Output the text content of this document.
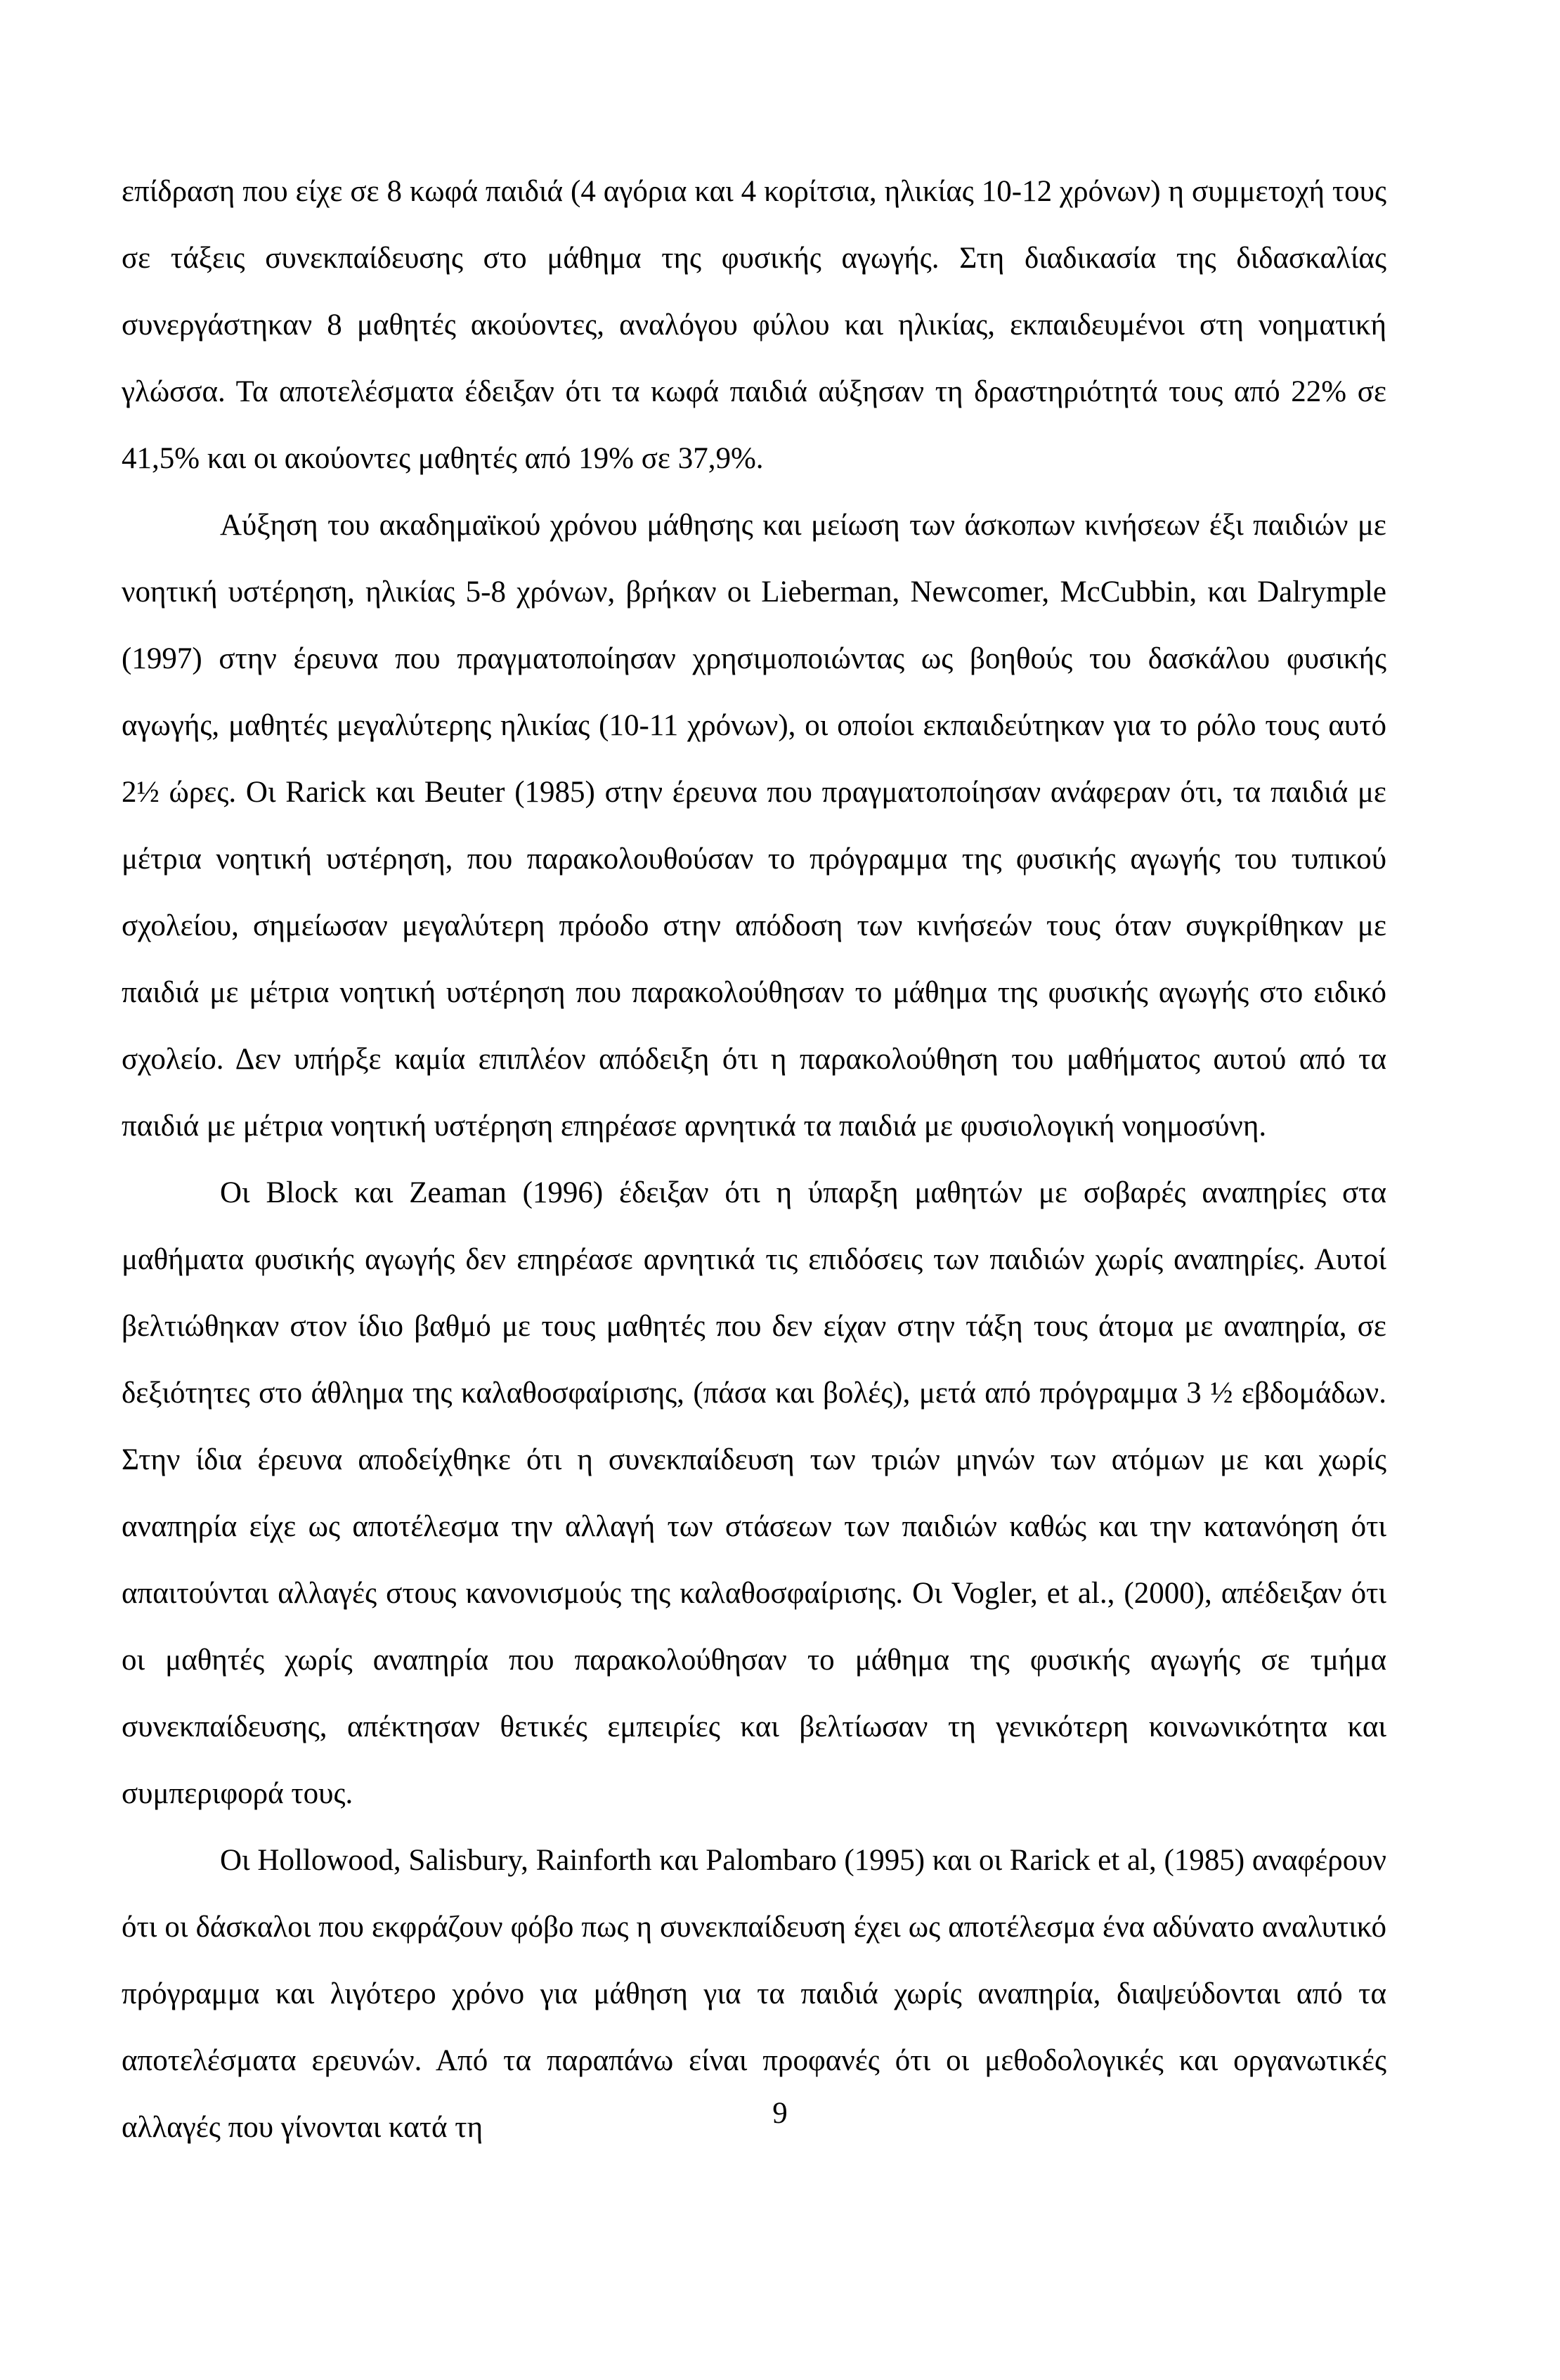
επίδραση που είχε σε 8 κωφά παιδιά (4 αγόρια και 4 κορίτσια, ηλικίας 10-12 χρόνων) η συμμετοχή τους σε τάξεις συνεκπαίδευσης στο μάθημα της φυσικής αγωγής. Στη διαδικασία της διδασκαλίας συνεργάστηκαν 8 μαθητές ακούοντες, αναλόγου φύλου και ηλικίας, εκπαιδευμένοι στη νοηματική γλώσσα. Τα αποτελέσματα έδειξαν ότι τα κωφά παιδιά αύξησαν τη δραστηριότητά τους από 22% σε 41,5% και οι ακούοντες μαθητές από 19% σε 37,9%.

Αύξηση του ακαδημαϊκού χρόνου μάθησης και μείωση των άσκοπων κινήσεων έξι παιδιών με νοητική υστέρηση, ηλικίας 5-8 χρόνων, βρήκαν οι Lieberman, Newcomer, McCubbin, και Dalrymple (1997) στην έρευνα που πραγματοποίησαν χρησιμοποιώντας ως βοηθούς του δασκάλου φυσικής αγωγής, μαθητές μεγαλύτερης ηλικίας (10-11 χρόνων), οι οποίοι εκπαιδεύτηκαν για το ρόλο τους αυτό 2½ ώρες. Οι Rarick και Beuter (1985) στην έρευνα που πραγματοποίησαν ανάφεραν ότι, τα παιδιά με μέτρια νοητική υστέρηση, που παρακολουθούσαν το πρόγραμμα της φυσικής αγωγής του τυπικού σχολείου, σημείωσαν μεγαλύτερη πρόοδο στην απόδοση των κινήσεών τους όταν συγκρίθηκαν με παιδιά με μέτρια νοητική υστέρηση που παρακολούθησαν το μάθημα της φυσικής αγωγής στο ειδικό σχολείο. Δεν υπήρξε καμία επιπλέον απόδειξη ότι η παρακολούθηση του μαθήματος αυτού από τα παιδιά με μέτρια νοητική υστέρηση επηρέασε αρνητικά τα παιδιά με φυσιολογική νοημοσύνη.

Οι Block και Zeaman (1996) έδειξαν ότι η ύπαρξη μαθητών με σοβαρές αναπηρίες στα μαθήματα φυσικής αγωγής δεν επηρέασε αρνητικά τις επιδόσεις των παιδιών χωρίς αναπηρίες. Αυτοί βελτιώθηκαν στον ίδιο βαθμό με τους μαθητές που δεν είχαν στην τάξη τους άτομα με αναπηρία, σε δεξιότητες στο άθλημα της καλαθοσφαίρισης, (πάσα και βολές), μετά από πρόγραμμα 3 ½ εβδομάδων. Στην ίδια έρευνα αποδείχθηκε ότι η συνεκπαίδευση των τριών μηνών των ατόμων με και χωρίς αναπηρία είχε ως αποτέλεσμα την αλλαγή των στάσεων των παιδιών καθώς και την κατανόηση ότι απαιτούνται αλλαγές στους κανονισμούς της καλαθοσφαίρισης. Οι Vogler, et al., (2000), απέδειξαν ότι οι μαθητές χωρίς αναπηρία που παρακολούθησαν το μάθημα της φυσικής αγωγής σε τμήμα συνεκπαίδευσης, απέκτησαν θετικές εμπειρίες και βελτίωσαν τη γενικότερη κοινωνικότητα και συμπεριφορά τους.

Οι Hollowood, Salisbury, Rainforth και Palombaro (1995) και οι Rarick et al, (1985) αναφέρουν ότι οι δάσκαλοι που εκφράζουν φόβο πως η συνεκπαίδευση έχει ως αποτέλεσμα ένα αδύνατο αναλυτικό πρόγραμμα και λιγότερο χρόνο για μάθηση για τα παιδιά χωρίς αναπηρία, διαψεύδονται από τα αποτελέσματα ερευνών. Από τα παραπάνω είναι προφανές ότι οι μεθοδολογικές και οργανωτικές αλλαγές που γίνονται κατά τη	9
